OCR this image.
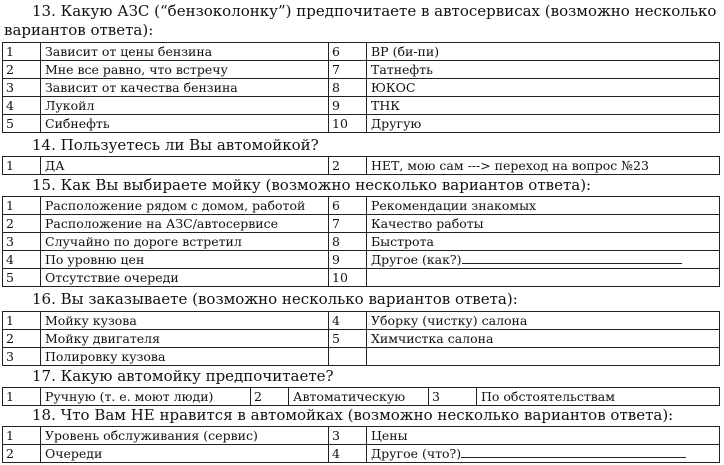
13. Какую АЗС (“бензоколонку”) предпочитаете в автосервисах (возможно несколько
вариантов ответа):
1	Зависит от цены бензина	6	BP (би-пи)
2	Мне все равно, что встречу	7	Татнефть
3	Зависит от качества бензина	8	ЮКОС
4	Лукойл	9	ТНК
5	Сибнефть	10	Другую
14. Пользуетесь ли Вы автомойкой?
1	ДА	2	НЕТ, мою сам ---> переход на вопрос №23
15. Как Вы выбираете мойку (возможно несколько вариантов ответа):
1	Расположение рядом с домом, работой	6	Рекомендации знакомых
2	Расположение на АЗС/автосервисе	7	Качество работы
3	Случайно по дороге встретил	8	Быстрота
4	По уровню цен	9	Другое (как?)
5	Отсутствие очереди	10	
16. Вы заказываете (возможно несколько вариантов ответа):
1	Мойку кузова	4	Уборку (чистку) салона
2	Мойку двигателя	5	Химчистка салона
3	Полировку кузова		
17. Какую автомойку предпочитаете?
1	Ручную (т. е. моют люди)	2	Автоматическую	3	По обстоятельствам
18. Что Вам НЕ нравится в автомойках (возможно несколько вариантов ответа):
1	Уровень обслуживания (сервис)	3	Цены
2	Очереди	4	Другое (что?)
